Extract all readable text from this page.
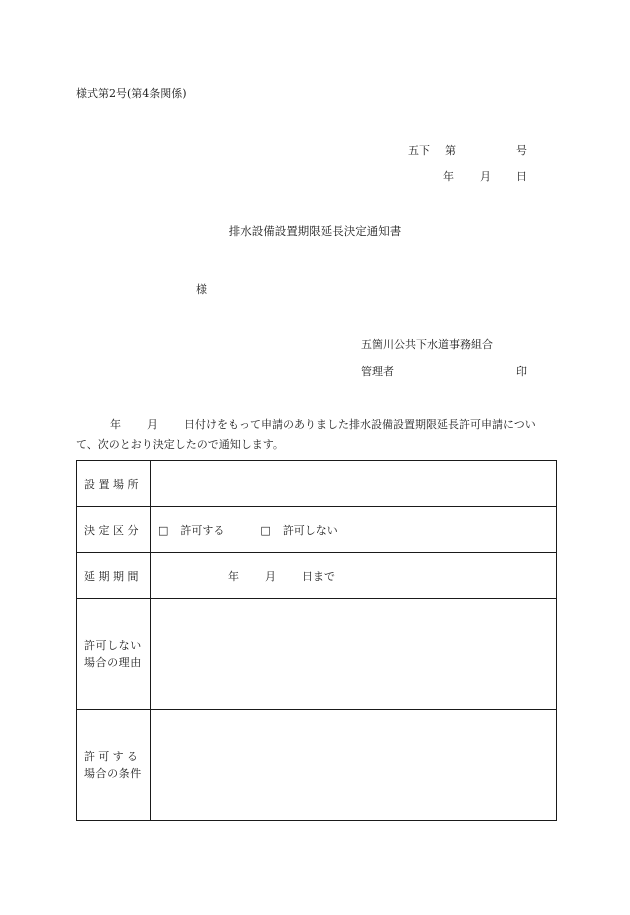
様式第2号(第4条関係)
五下 第	号
年 月 日
排水設備設置期限延長決定通知書
様
五箇川公共下水道事務組合
管理者	印
年 月 日付けをもって申請のありました排水設備設置期限延長許可申請について、次のとおり決定したので通知します。
設置場所	
決定区分	□ 許可する □ 許可しない
延期期間	年 月 日まで

許可しない
場合の理由	

許可する
場合の条件	
